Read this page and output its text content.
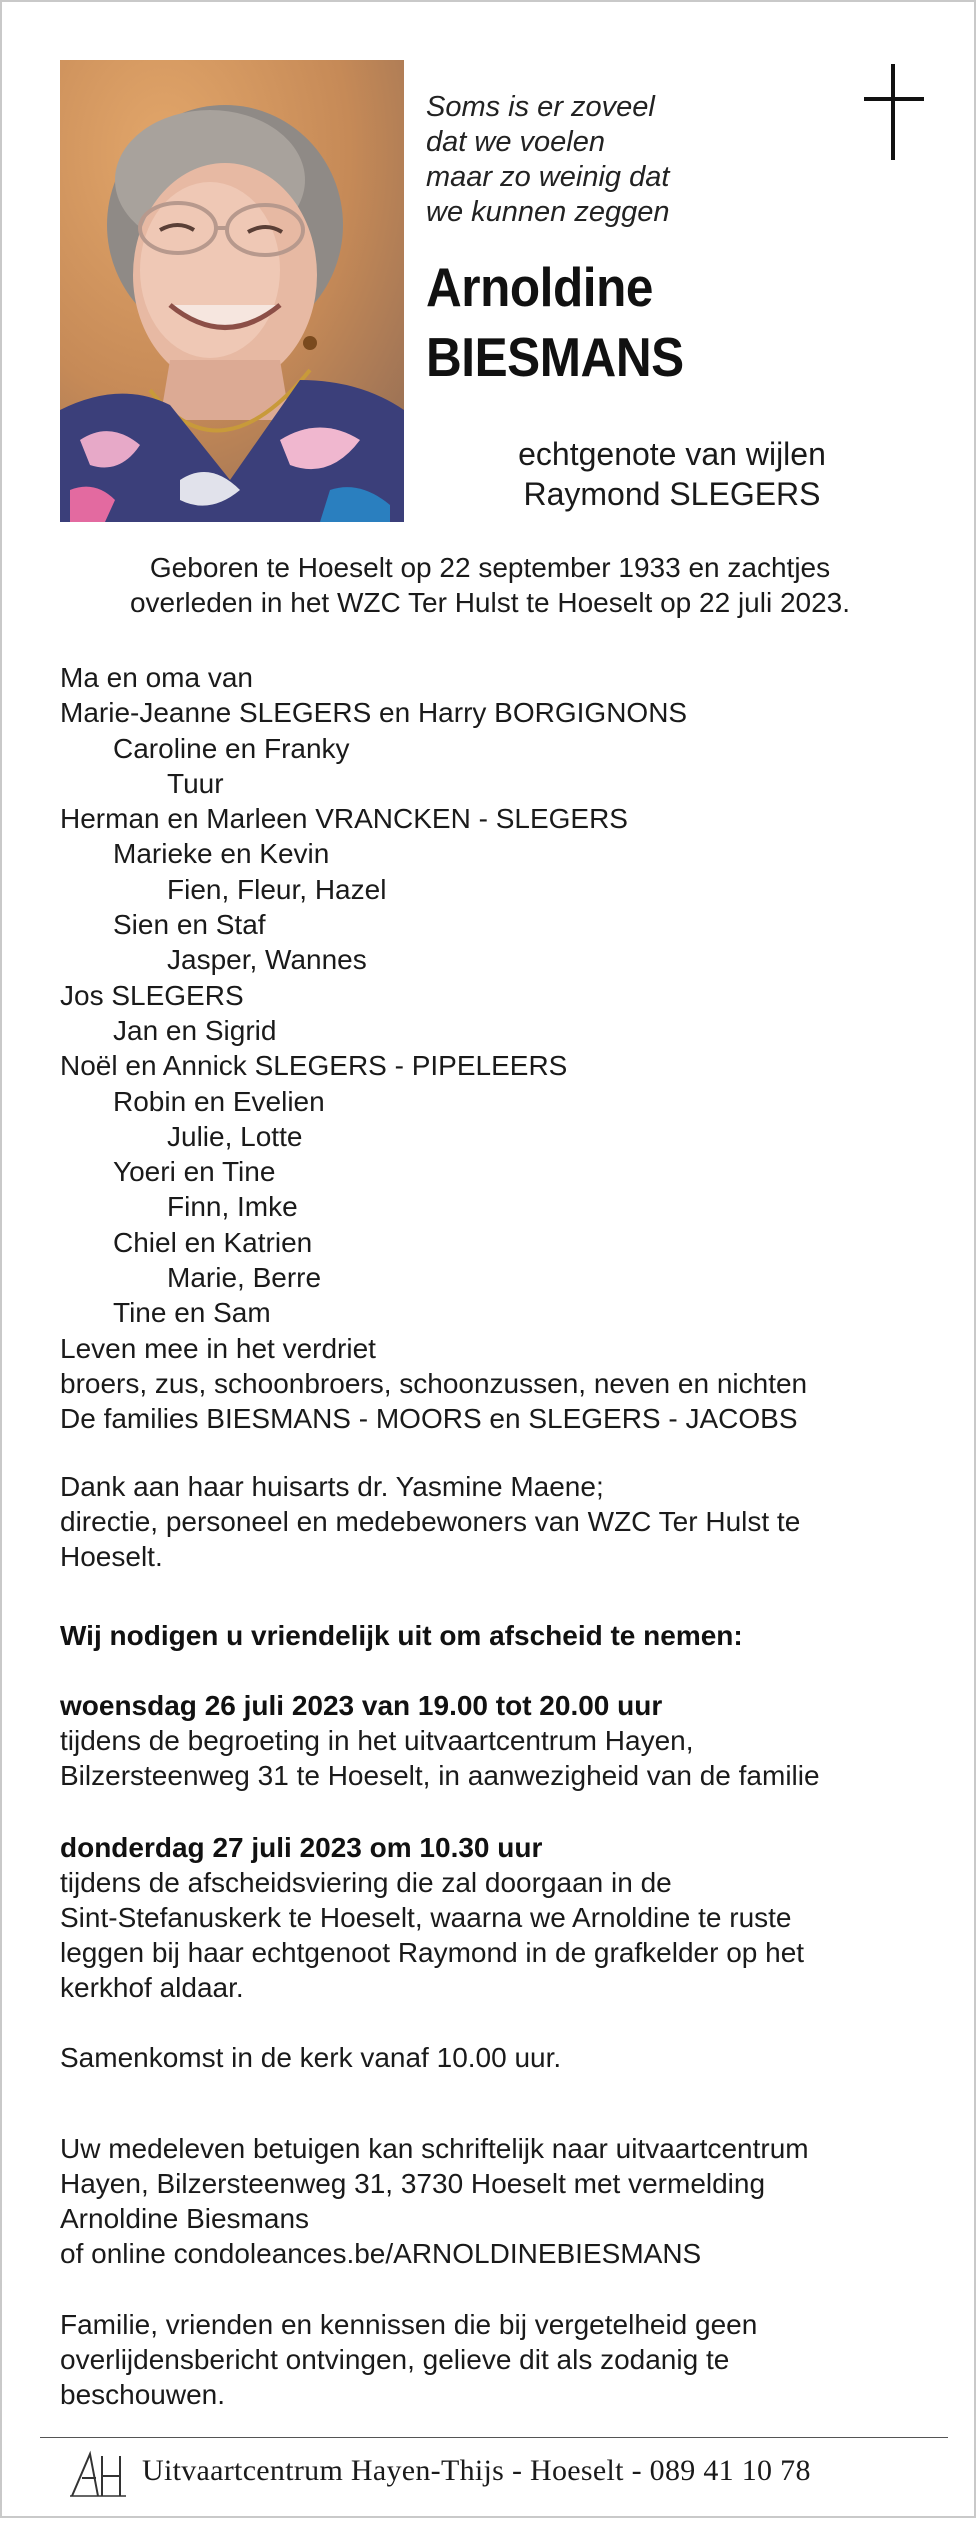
Soms is er zoveel
dat we voelen
maar zo weinig dat
we kunnen zeggen
Arnoldine
BIESMANS
echtgenote van wijlen
Raymond SLEGERS
Geboren te Hoeselt op 22 september 1933 en zachtjes
overleden in het WZC Ter Hulst te Hoeselt op 22 juli 2023.
Ma en oma van
Marie-Jeanne SLEGERS en Harry BORGIGNONS
Caroline en Franky
Tuur
Herman en Marleen VRANCKEN - SLEGERS
Marieke en Kevin
Fien, Fleur, Hazel
Sien en Staf
Jasper, Wannes
Jos SLEGERS
Jan en Sigrid
Noël en Annick SLEGERS - PIPELEERS
Robin en Evelien
Julie, Lotte
Yoeri en Tine
Finn, Imke
Chiel en Katrien
Marie, Berre
Tine en Sam
Leven mee in het verdriet
broers, zus, schoonbroers, schoonzussen, neven en nichten
De families BIESMANS - MOORS en SLEGERS - JACOBS
Dank aan haar huisarts dr. Yasmine Maene;
directie, personeel en medebewoners van WZC Ter Hulst te
Hoeselt.
Wij nodigen u vriendelijk uit om afscheid te nemen:
woensdag 26 juli 2023 van 19.00 tot 20.00 uur
tijdens de begroeting in het uitvaartcentrum Hayen,
Bilzersteenweg 31 te Hoeselt, in aanwezigheid van de familie
donderdag 27 juli 2023 om 10.30 uur
tijdens de afscheidsviering die zal doorgaan in de
Sint-Stefanuskerk te Hoeselt, waarna we Arnoldine te ruste
leggen bij haar echtgenoot Raymond in de grafkelder op het
kerkhof aldaar.
Samenkomst in de kerk vanaf 10.00 uur.
Uw medeleven betuigen kan schriftelijk naar uitvaartcentrum
Hayen, Bilzersteenweg 31, 3730 Hoeselt met vermelding
Arnoldine Biesmans
of online condoleances.be/ARNOLDINEBIESMANS
Familie, vrienden en kennissen die bij vergetelheid geen
overlijdensbericht ontvingen, gelieve dit als zodanig te
beschouwen.
Uitvaartcentrum Hayen-Thijs - Hoeselt - 089 41 10 78
